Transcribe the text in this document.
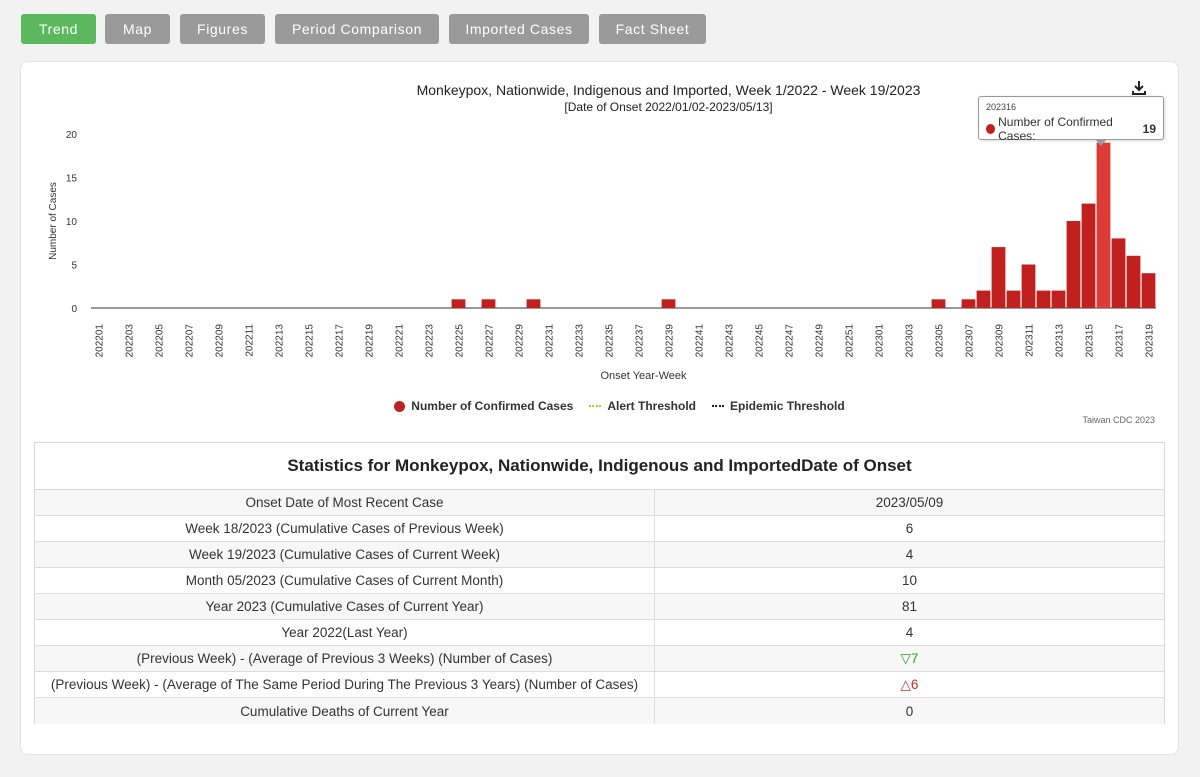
Trend	Map	Figures	Period Comparison	Imported Cases	Fact Sheet
Monkeypox, Nationwide, Indigenous and Imported, Week 1/2022 - Week 19/2023
[Date of Onset 2022/01/02-2023/05/13]
0
5
10
15
20
Number of Cases
202201 202203 202205 202207 202209 202211 202213 202215 202217 202219 202221 202223 202225 202227 202229 202231 202233 202235 202237 202239 202241 202243 202245 202247 202249 202251 202301 202303 202305 202307 202309 202311 202313 202315 202317 202319
Onset Year-Week
Number of Confirmed Cases	Alert Threshold	Epidemic Threshold
Taiwan CDC 2023
202316
Number of Confirmed Cases:	19
Statistics for Monkeypox, Nationwide, Indigenous and ImportedDate of Onset
Onset Date of Most Recent Case	2023/05/09
Week 18/2023 (Cumulative Cases of Previous Week)	6
Week 19/2023 (Cumulative Cases of Current Week)	4
Month 05/2023 (Cumulative Cases of Current Month)	10
Year 2023 (Cumulative Cases of Current Year)	81
Year 2022(Last Year)	4
(Previous Week) - (Average of Previous 3 Weeks) (Number of Cases)	▽7
(Previous Week) - (Average of The Same Period During The Previous 3 Years) (Number of Cases)	△6
Cumulative Deaths of Current Year	0
